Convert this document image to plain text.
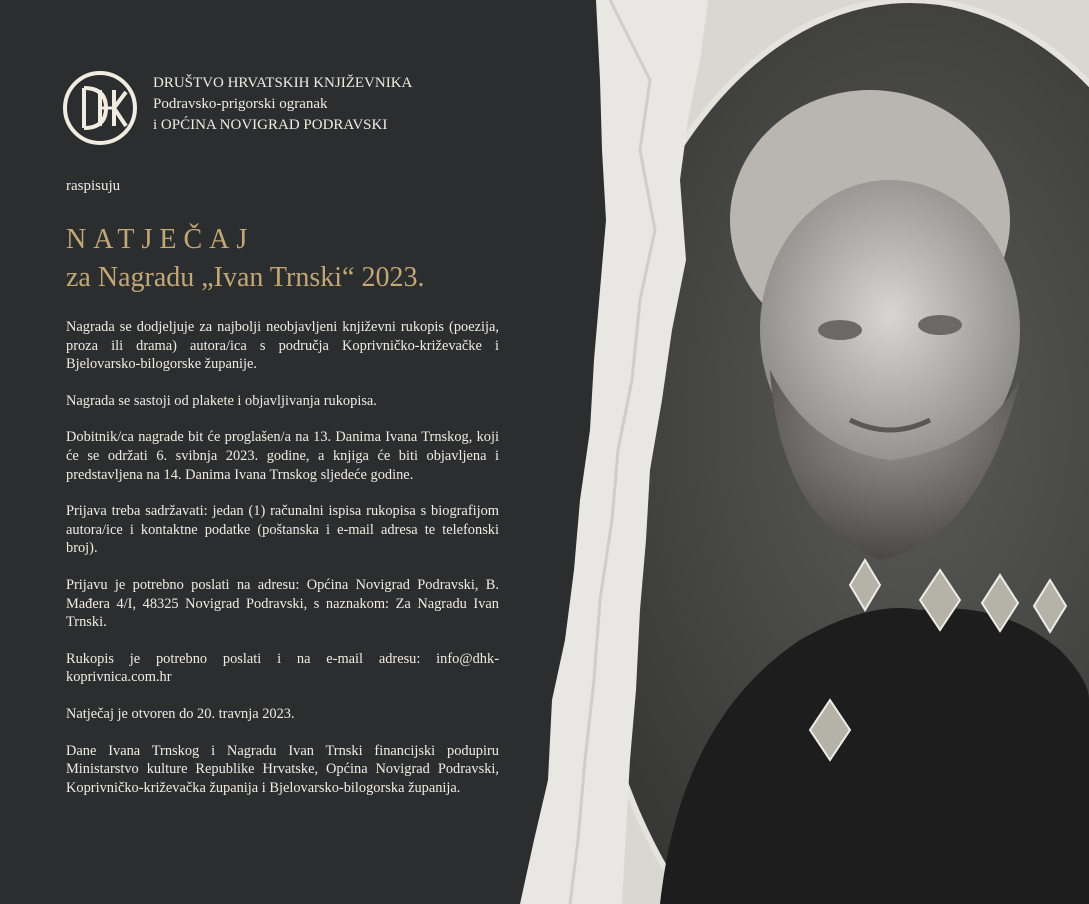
DRUŠTVO HRVATSKIH KNJIŽEVNIKA
Podravsko-prigorski ogranak
i OPĆINA NOVIGRAD PODRAVSKI
raspisuju
NATJEČAJ
za Nagradu „Ivan Trnski“ 2023.

Nagrada se dodjeljuje za najbolji neobjavljeni književni rukopis (poezija, proza ili drama) autora/ica s područja Koprivničko-križevačke i Bjelovarsko-bilogorske županije.

Nagrada se sastoji od plakete i objavljivanja rukopisa.

Dobitnik/ca nagrade bit će proglašen/a na 13. Danima Ivana Trnskog, koji će se održati 6. svibnja 2023. godine, a knjiga će biti objavljena i predstavljena na 14. Danima Ivana Trnskog sljedeće godine.

Prijava treba sadržavati: jedan (1) računalni ispisa rukopisa s biografijom autora/ice i kontaktne podatke (poštanska i e-mail adresa te telefonski broj).

Prijavu je potrebno poslati na adresu: Općina Novigrad Podravski, B. Mađera 4/I, 48325 Novigrad Podravski, s naznakom: Za Nagradu Ivan Trnski.

Rukopis je potrebno poslati i na e-mail adresu: info@dhk-koprivnica.com.hr

Natječaj je otvoren do 20. travnja 2023.

Dane Ivana Trnskog i Nagradu Ivan Trnski financijski podupiru Ministarstvo kulture Republike Hrvatske, Općina Novigrad Podravski, Koprivničko-križevačka županija i Bjelovarsko-bilogorska županija.
